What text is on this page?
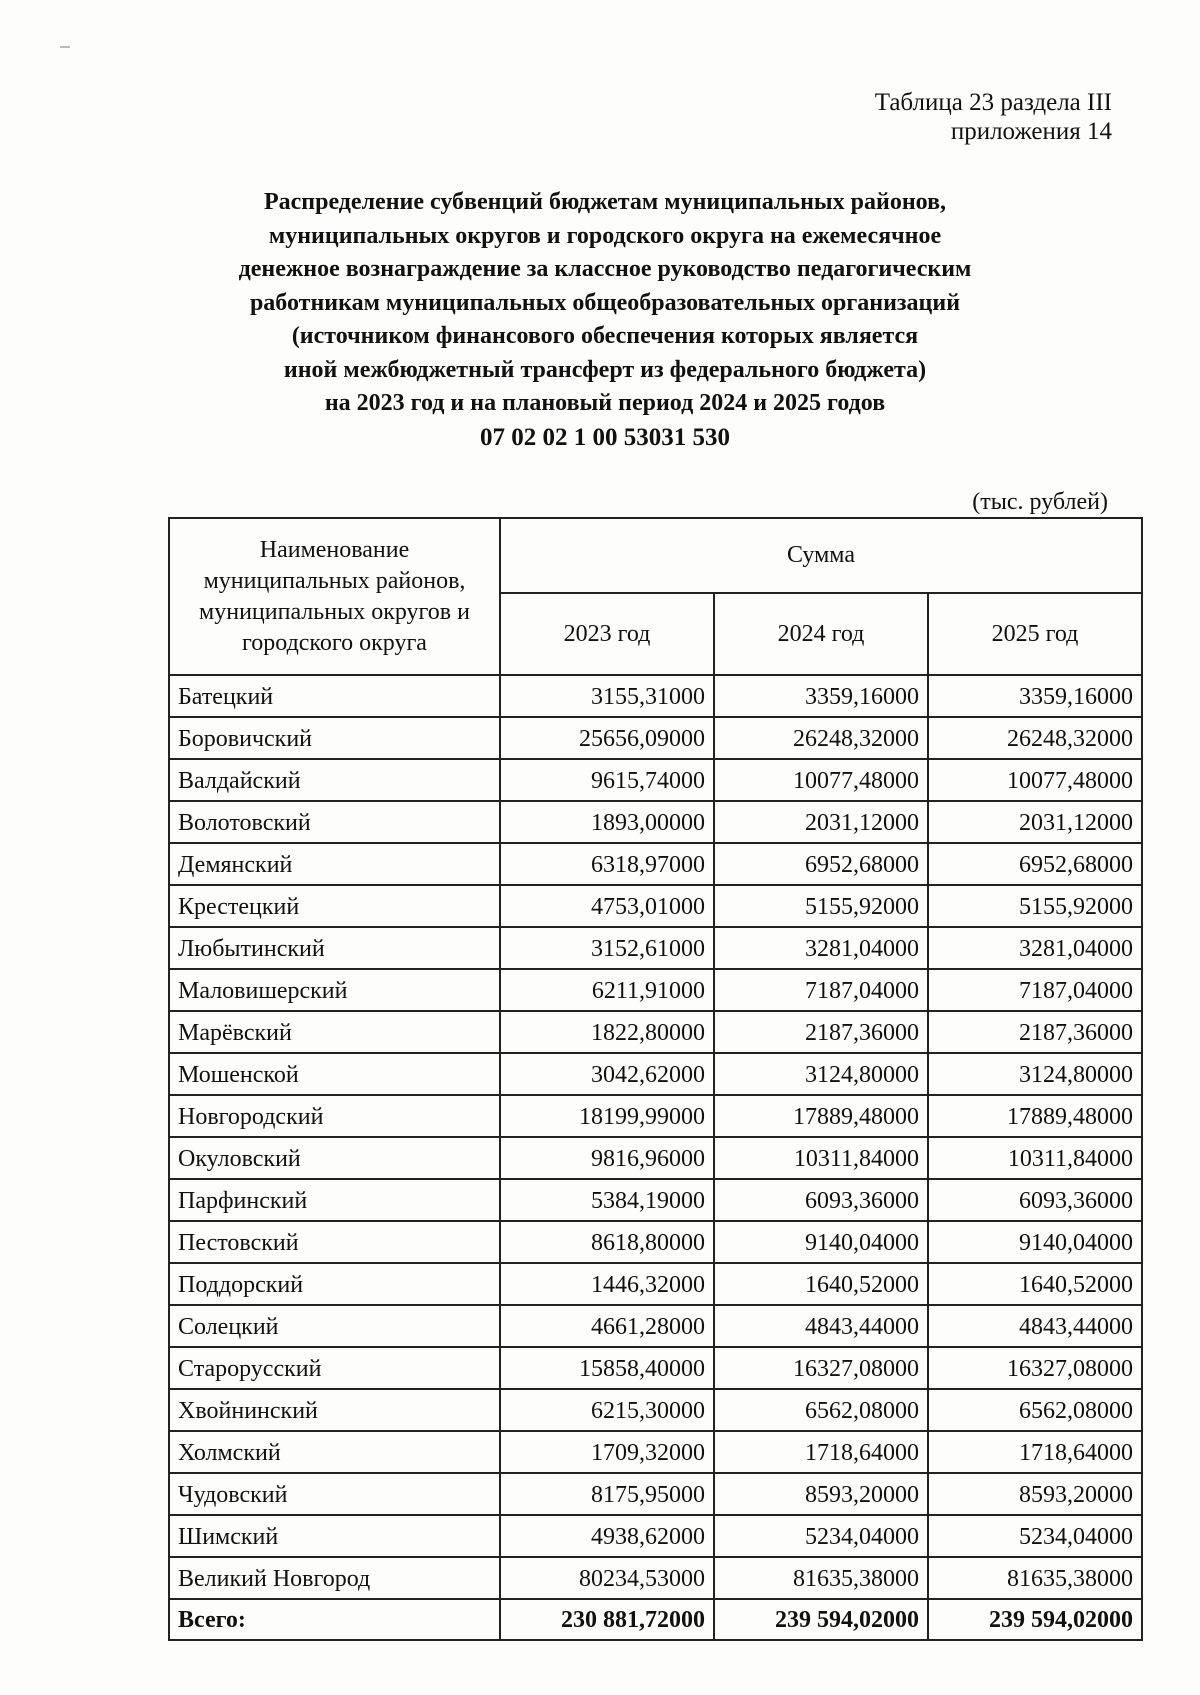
Таблица 23 раздела III
приложения 14
Распределение субвенций бюджетам муниципальных районов,
муниципальных округов и городского округа на ежемесячное
денежное вознаграждение за классное руководство педагогическим
работникам муниципальных общеобразовательных организаций
(источником финансового обеспечения которых является
иной межбюджетный трансферт из федерального бюджета)
на 2023 год и на плановый период 2024 и 2025 годов
07 02 02 1 00 53031 530
(тыс. рублей)
Наименование муниципальных районов, муниципальных округов и городского округа	Сумма		
	2023 год	2024 год	2025 год
Батецкий	3155,31000	3359,16000	3359,16000
Боровичский	25656,09000	26248,32000	26248,32000
Валдайский	9615,74000	10077,48000	10077,48000
Волотовский	1893,00000	2031,12000	2031,12000
Демянский	6318,97000	6952,68000	6952,68000
Крестецкий	4753,01000	5155,92000	5155,92000
Любытинский	3152,61000	3281,04000	3281,04000
Маловишерский	6211,91000	7187,04000	7187,04000
Марёвский	1822,80000	2187,36000	2187,36000
Мошенской	3042,62000	3124,80000	3124,80000
Новгородский	18199,99000	17889,48000	17889,48000
Окуловский	9816,96000	10311,84000	10311,84000
Парфинский	5384,19000	6093,36000	6093,36000
Пестовский	8618,80000	9140,04000	9140,04000
Поддорский	1446,32000	1640,52000	1640,52000
Солецкий	4661,28000	4843,44000	4843,44000
Старорусский	15858,40000	16327,08000	16327,08000
Хвойнинский	6215,30000	6562,08000	6562,08000
Холмский	1709,32000	1718,64000	1718,64000
Чудовский	8175,95000	8593,20000	8593,20000
Шимский	4938,62000	5234,04000	5234,04000
Великий Новгород	80234,53000	81635,38000	81635,38000
Всего:	230 881,72000	239 594,02000	239 594,02000
